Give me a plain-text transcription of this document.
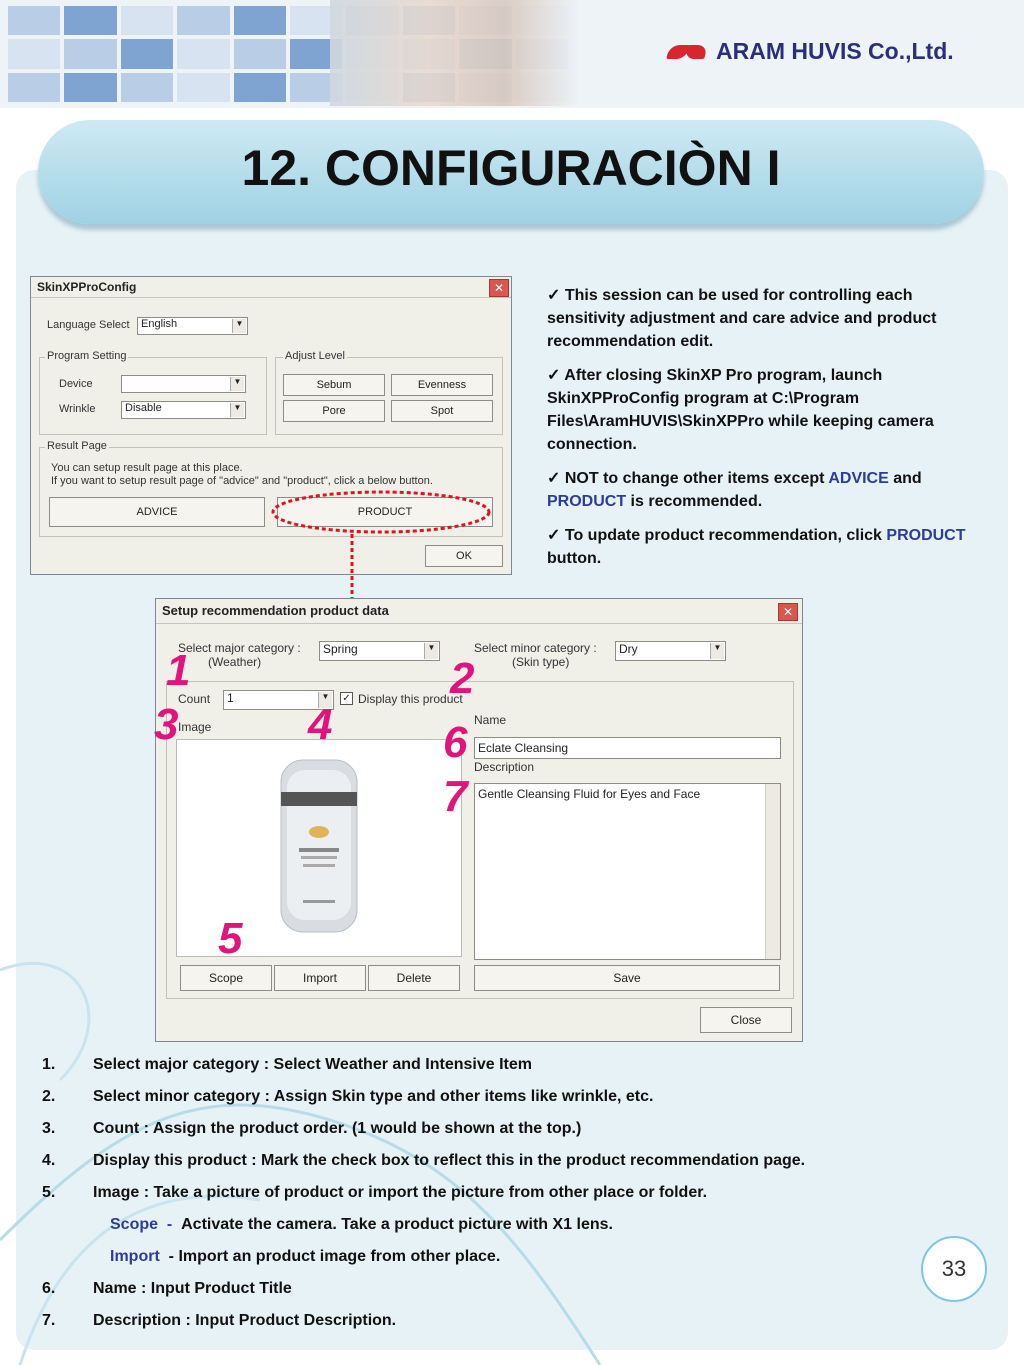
ARAM HUVIS Co.,Ltd.
12. CONFIGURACIÒN I
SkinXPProConfig	✕
Language Select	English	▼
Program Setting
Device	▼
Wrinkle	Disable	▼
Adjust Level
Sebum	Evenness
Pore	Spot
Result Page
You can setup result page at this place.
If you want to setup result page of "advice" and "product", click a below button.
ADVICE	PRODUCT
OK

✓ This session can be used for controlling each sensitivity adjustment and care advice and product recommendation edit.

✓ After closing SkinXP Pro program, launch SkinXPProConfig program at C:\Program Files\AramHUVIS\SkinXPPro while keeping camera connection.

✓ NOT to change other items except ADVICE and PRODUCT is recommended.

✓ To update product recommendation, click PRODUCT button.

Setup recommendation product data	✕
Select major category :
(Weather)
Spring	▼	Select minor category :
(Skin type)
Dry	▼
Count	1	▼ ✓ Display this product
Image	Name
Eclate Cleansing
Description
Gentle Cleansing Fluid for Eyes and Face
Scope	Import	Delete	Save
Close
1	2
3	4
5
6
7
1.	Select major category : Select Weather and Intensive Item
2.	Select minor category : Assign Skin type and other items like wrinkle, etc.
3.	Count : Assign the product order. (1 would be shown at the top.)
4.	Display this product : Mark the check box to reflect this in the product recommendation page.
5.	Image : Take a picture of product or import the picture from other place or folder.
Scope - Activate the camera. Take a product picture with X1 lens.
Import - Import an product image from other place.
6.	Name : Input Product Title
7.	Description : Input Product Description.
33
